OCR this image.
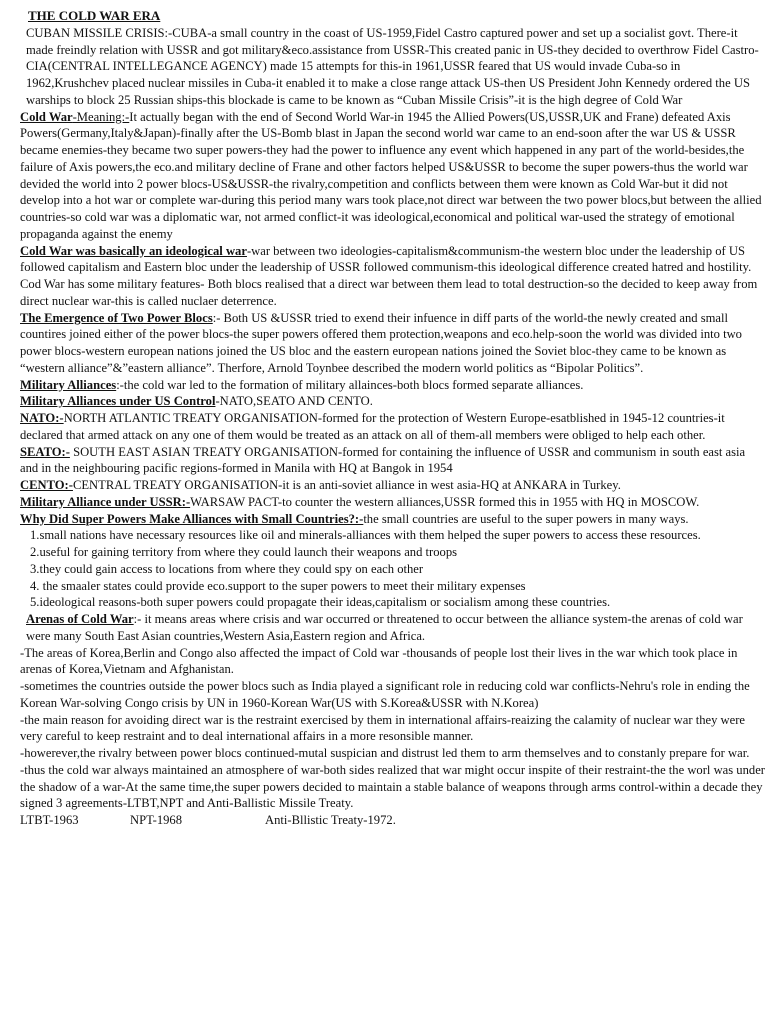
THE COLD WAR ERA

CUBAN MISSILE CRISIS:-CUBA-a small country in the coast of US-1959,Fidel Castro captured power and set up a socialist govt. There-it made freindly relation with USSR and got military&eco.assistance from USSR-This created panic in US-they decided to overthrow Fidel Castro-CIA(CENTRAL INTELLEGANCE AGENCY) made 15 attempts for this-in 1961,USSR feared that US would invade Cuba-so in 1962,Krushchev placed nuclear missiles in Cuba-it enabled it to make a close range attack US-then US President John Kennedy ordered the US warships to block 25 Russian ships-this blockade is came to be known as “Cuban Missile Crisis”-it is the high degree of Cold War

Cold War-Meaning:-It actually began with the end of Second World War-in 1945 the Allied Powers(US,USSR,UK and Frane) defeated Axis Powers(Germany,Italy&Japan)-finally after the US-Bomb blast in Japan the second world war came to an end-soon after the war US & USSR became enemies-they became two super powers-they had the power to influence any event which happened in any part of the world-besides,the failure of Axis powers,the eco.and military decline of Frane and other factors helped US&USSR to become the super powers-thus the world war devided the world into 2 power blocs-US&USSR-the rivalry,competition and conflicts between them were known as Cold War-but it did not develop into a hot war or complete war-during this period many wars took place,not direct war between the two power blocs,but between the allied countries-so cold war was a diplomatic war, not armed conflict-it was ideological,economical and political war-used the strategy of emotional propaganda against the enemy

Cold War was basically an ideological war-war between two ideologies-capitalism&communism-the western bloc under the leadership of US followed capitalism and Eastern bloc under the leadership of USSR followed communism-this ideological difference created hatred and hostility.

Cod War has some military features- Both blocs realised that a direct war between them lead to total destruction-so the decided to keep away from direct nuclear war-this is called nuclaer deterrence.

The Emergence of Two Power Blocs:- Both US &USSR tried to exend their infuence in diff parts of the world-the newly created and small countires joined either of the power blocs-the super powers offered them protection,weapons and eco.help-soon the world was divided into two power blocs-western european nations joined the US bloc and the eastern european nations joined the Soviet bloc-they came to be known as “western alliance”&”eastern alliance”. Therfore, Arnold Toynbee described the modern world politics as “Bipolar Politics”.

Military Alliances:-the cold war led to the formation of military allainces-both blocs formed separate alliances.

Military Alliances under US Control-NATO,SEATO AND CENTO.

NATO:-NORTH ATLANTIC TREATY ORGANISATION-formed for the protection of Western Europe-esatblished in 1945-12 countries-it declared that armed attack on any one of them would be treated as an attack on all of them-all members were obliged to help each other.

SEATO:- SOUTH EAST ASIAN TREATY ORGANISATION-formed for containing the influence of USSR and communism in south east asia and in the neighbouring pacific regions-formed in Manila with HQ at Bangok in 1954

CENTO:-CENTRAL TREATY ORGANISATION-it is an anti-soviet alliance in west asia-HQ at ANKARA in Turkey.

Military Alliance under USSR:-WARSAW PACT-to counter the western alliances,USSR formed this in 1955 with HQ in MOSCOW.

Why Did Super Powers Make Alliances with Small Countries?:-the small countries are useful to the super powers in many ways.

1.small nations have necessary resources like oil and minerals-alliances with them helped the super powers to access these resources.

2.useful for gaining territory from where they could launch their weapons and troops

3.they could gain access to locations from where they could spy on each other

4. the smaaler states could provide eco.support to the super powers to meet their military expenses

5.ideological reasons-both super powers could propagate their ideas,capitalism or socialism among these countries.

Arenas of Cold War:- it means areas where crisis and war occurred or threatened to occur between the alliance system-the arenas of cold war were many South East Asian countries,Western Asia,Eastern region and Africa.

-The areas of Korea,Berlin and Congo also affected the impact of Cold war -thousands of people lost their lives in the war which took place in arenas of Korea,Vietnam and Afghanistan.

-sometimes the countries outside the power blocs such as India played a significant role in reducing cold war conflicts-Nehru's role in ending the Korean War-solving Congo crisis by UN in 1960-Korean War(US with S.Korea&USSR with N.Korea)

-the main reason for avoiding direct war is the restraint exercised by them in international affairs-reaizing the calamity of nuclear war they were very careful to keep restraint and to deal international affairs in a more resonsible manner.

-howerever,the rivalry between power blocs continued-mutal suspician and distrust led them to arm themselves and to constanly prepare for war.

-thus the cold war always maintained an atmosphere of war-both sides realized that war might occur inspite of their restraint-the the worl was under the shadow of a war-At the same time,the super powers decided to maintain a stable balance of weapons through arms control-within a decade they signed 3 agreements-LTBT,NPT and Anti-Ballistic Missile Treaty.

LTBT-1963	NPT-1968	Anti-Bllistic Treaty-1972.
